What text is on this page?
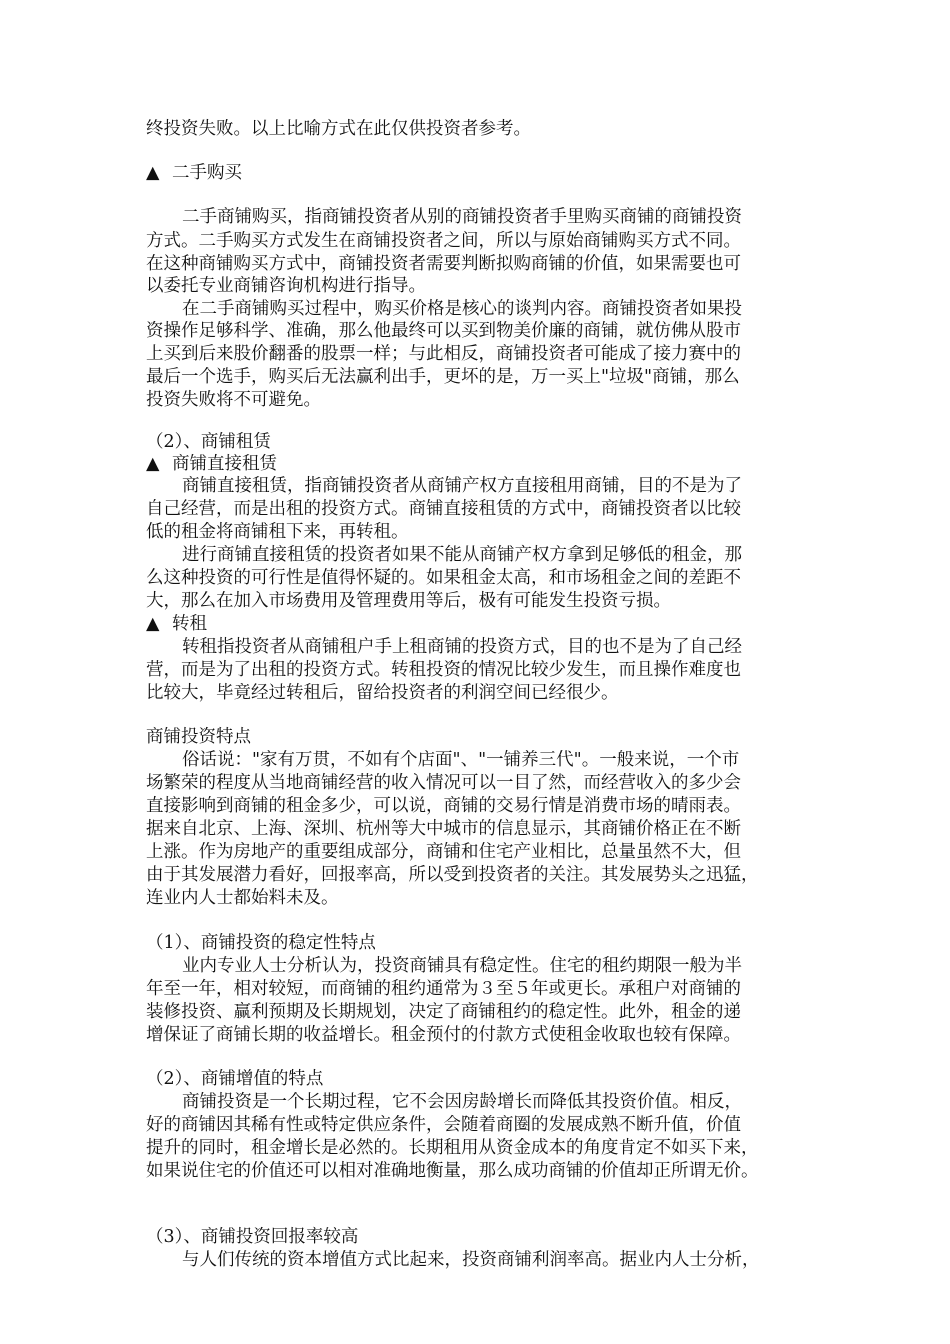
终投资失败。以上比喻方式在此仅供投资者参考。
▲ 二手购买
二手商铺购买，指商铺投资者从别的商铺投资者手里购买商铺的商铺投资
方式。二手购买方式发生在商铺投资者之间，所以与原始商铺购买方式不同。
在这种商铺购买方式中，商铺投资者需要判断拟购商铺的价值，如果需要也可
以委托专业商铺咨询机构进行指导。
在二手商铺购买过程中，购买价格是核心的谈判内容。商铺投资者如果投
资操作足够科学、准确，那么他最终可以买到物美价廉的商铺，就仿佛从股市
上买到后来股价翻番的股票一样；与此相反，商铺投资者可能成了接力赛中的
最后一个选手，购买后无法赢利出手，更坏的是，万一买上"垃圾"商铺，那么
投资失败将不可避免。
（2）、商铺租赁
▲ 商铺直接租赁
商铺直接租赁，指商铺投资者从商铺产权方直接租用商铺，目的不是为了
自己经营，而是出租的投资方式。商铺直接租赁的方式中，商铺投资者以比较
低的租金将商铺租下来，再转租。
进行商铺直接租赁的投资者如果不能从商铺产权方拿到足够低的租金，那
么这种投资的可行性是值得怀疑的。如果租金太高，和市场租金之间的差距不
大，那么在加入市场费用及管理费用等后，极有可能发生投资亏损。
▲ 转租
转租指投资者从商铺租户手上租商铺的投资方式，目的也不是为了自己经
营，而是为了出租的投资方式。转租投资的情况比较少发生，而且操作难度也
比较大，毕竟经过转租后，留给投资者的利润空间已经很少。
商铺投资特点
俗话说："家有万贯，不如有个店面"、"一铺养三代"。一般来说，一个市
场繁荣的程度从当地商铺经营的收入情况可以一目了然，而经营收入的多少会
直接影响到商铺的租金多少，可以说，商铺的交易行情是消费市场的晴雨表。
据来自北京、上海、深圳、杭州等大中城市的信息显示，其商铺价格正在不断
上涨。作为房地产的重要组成部分，商铺和住宅产业相比，总量虽然不大，但
由于其发展潜力看好，回报率高，所以受到投资者的关注。其发展势头之迅猛，
连业内人士都始料未及。
（1）、商铺投资的稳定性特点
业内专业人士分析认为，投资商铺具有稳定性。住宅的租约期限一般为半
年至一年，相对较短，而商铺的租约通常为３至５年或更长。承租户对商铺的
装修投资、赢利预期及长期规划，决定了商铺租约的稳定性。此外，租金的递
增保证了商铺长期的收益增长。租金预付的付款方式使租金收取也较有保障。
（2）、商铺增值的特点
商铺投资是一个长期过程，它不会因房龄增长而降低其投资价值。相反，
好的商铺因其稀有性或特定供应条件，会随着商圈的发展成熟不断升值，价值
提升的同时，租金增长是必然的。长期租用从资金成本的角度肯定不如买下来，
如果说住宅的价值还可以相对准确地衡量，那么成功商铺的价值却正所谓无价。
（3）、商铺投资回报率较高
与人们传统的资本增值方式比起来，投资商铺利润率高。据业内人士分析，
